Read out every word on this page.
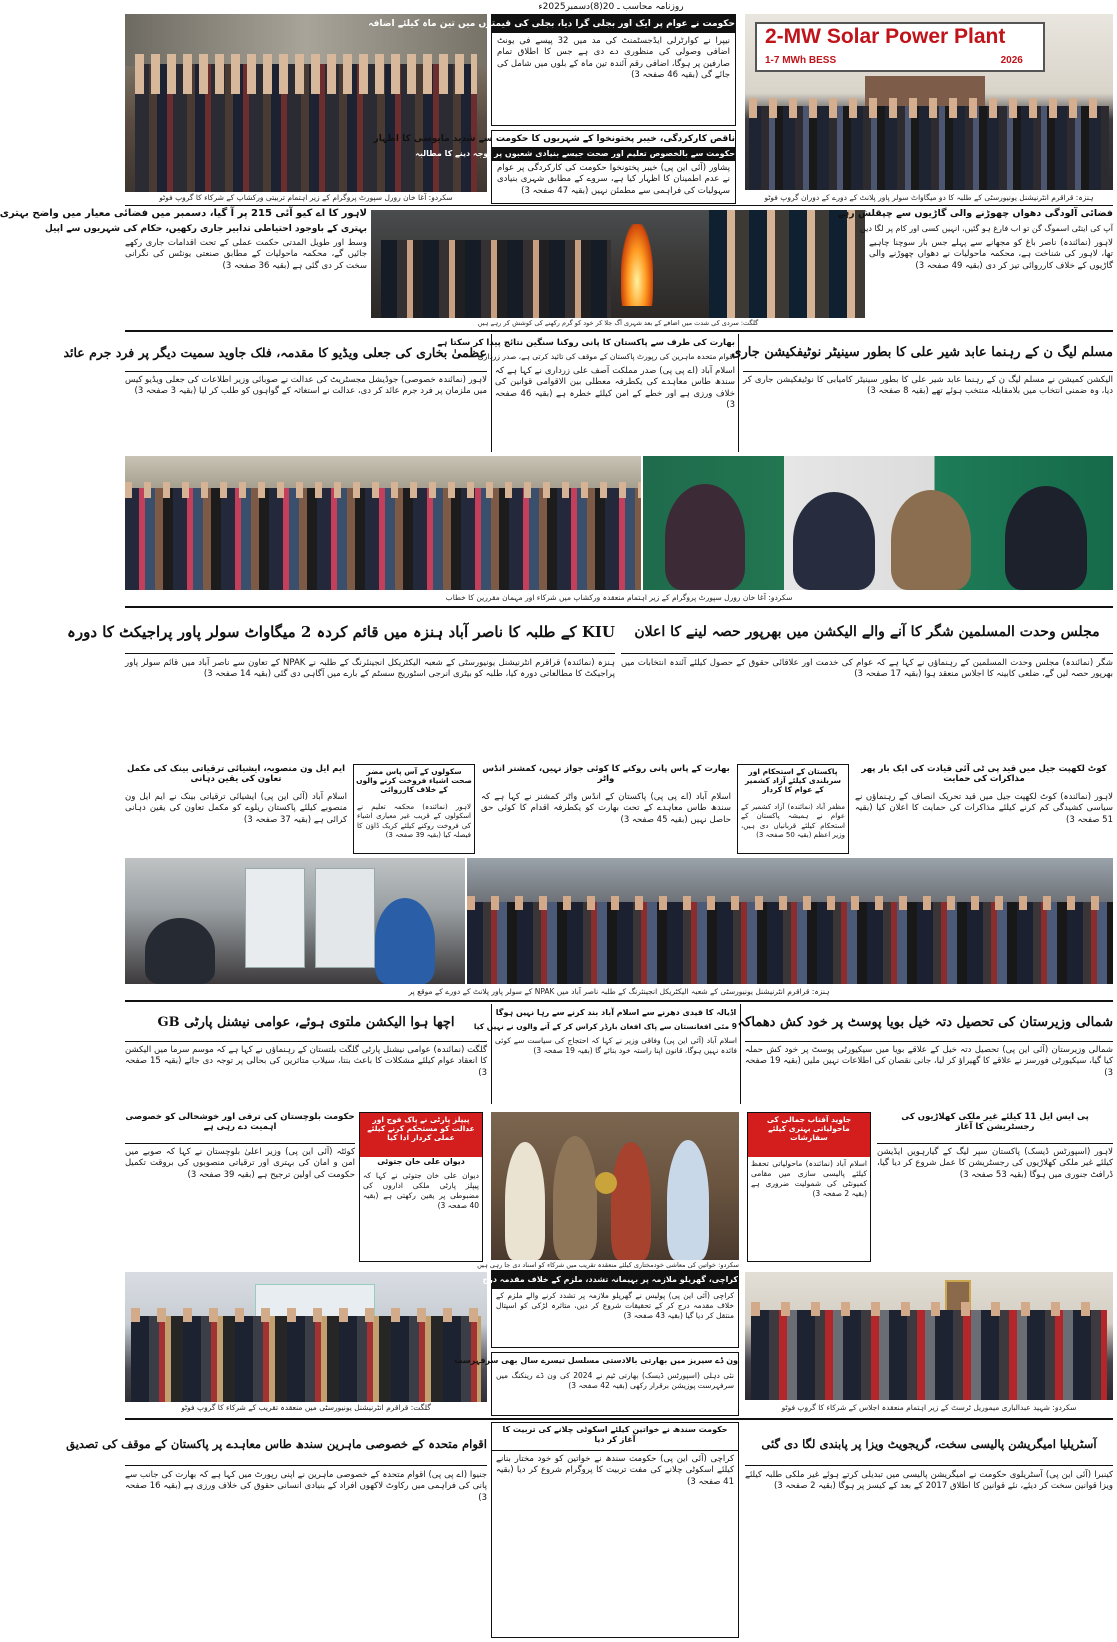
روزنامہ محاسب ـ 20(8)دسمبر2025ء
سکردو: آغا خان رورل سپورٹ پروگرام کے زیر اہتمام تربیتی ورکشاپ کے شرکاء کا گروپ فوٹو
حکومت نے عوام پر ایک اور بجلی گرا دیا، بجلی کی قیمتوں میں تین ماہ کیلئے اضافہ
نیپرا نے کوارٹرلی ایڈجسٹمنٹ کی مد میں 32 پیسے فی یونٹ اضافی وصولی کی منظوری دے دی ہے جس کا اطلاق تمام صارفین پر ہوگا، اضافی رقم آئندہ تین ماہ کے بلوں میں شامل کی جائے گی (بقیہ 46 صفحہ 3)
ناقص کارکردگی، خیبر پختونخوا کے شہریوں کا حکومت سے شدید مایوسی کا اظہار
حکومت سے بالخصوص تعلیم اور صحت جیسے بنیادی شعبوں پر توجہ دینے کا مطالبہ
پشاور (آئی این پی) خیبر پختونخوا حکومت کی کارکردگی پر عوام نے عدم اطمینان کا اظہار کیا ہے، سروے کے مطابق شہری بنیادی سہولیات کی فراہمی سے مطمئن نہیں (بقیہ 47 صفحہ 3)
2-MW Solar Power Plant
1-7 MWh BESS	2026
ہنزہ: قراقرم انٹرنیشنل یونیورسٹی کے طلبہ کا دو میگاواٹ سولر پاور پلانٹ کے دورے کے دوران گروپ فوٹو
لاہور کا اے کیو آئی 215 پر آ گیا، دسمبر میں فضائی معیار میں واضح بہتری
بہتری کے باوجود احتیاطی تدابیر جاری رکھیں، حکام کی شہریوں سے اپیل
وسط اور طویل المدتی حکمت عملی کے تحت اقدامات جاری رکھے جائیں گے، محکمہ ماحولیات کے مطابق صنعتی یونٹس کی نگرانی سخت کر دی گئی ہے (بقیہ 36 صفحہ 3)
گلگت: سردی کی شدت میں اضافے کے بعد شہری آگ جلا کر خود کو گرم رکھنے کی کوشش کر رہے ہیں
فضائی آلودگی دھواں چھوڑنے والی گاڑیوں سے چپقلش رہے
آپ کی اینٹی اسموگ گن تو اب فارغ ہو گئیں، انہیں کسی اور کام پر لگا دیں
لاہور (نمائندہ) ناصر باغ کو مجھانے سے پہلے جس بار سوچنا چاہیے تھا، لاہور کی شناخت ہے، محکمہ ماحولیات نے دھواں چھوڑنے والی گاڑیوں کے خلاف کارروائی تیز کر دی (بقیہ 49 صفحہ 3)
عظمیٰ بخاری کی جعلی ویڈیو کا مقدمہ، فلک جاوید سمیت دیگر پر فرد جرم عائد
لاہور (نمائندہ خصوصی) جوڈیشل مجسٹریٹ کی عدالت نے صوبائی وزیر اطلاعات کی جعلی ویڈیو کیس میں ملزمان پر فرد جرم عائد کر دی، عدالت نے استغاثہ کے گواہوں کو طلب کر لیا (بقیہ 3 صفحہ 3)
بھارت کی طرف سے پاکستان کا پانی روکنا سنگین نتائج پیدا کر سکتا ہے
اقوام متحدہ ماہرین کی رپورٹ پاکستان کے موقف کی تائید کرتی ہے، صدر زرداری
اسلام آباد (اے پی پی) صدر مملکت آصف علی زرداری نے کہا ہے کہ سندھ طاس معاہدے کی یکطرفہ معطلی بین الاقوامی قوانین کی خلاف ورزی ہے اور خطے کے امن کیلئے خطرہ ہے (بقیہ 46 صفحہ 3)
مسلم لیگ ن کے رہنما عابد شیر علی کا بطور سینیٹر نوٹیفکیشن جاری
الیکشن کمیشن نے مسلم لیگ ن کے رہنما عابد شیر علی کا بطور سینیٹر کامیابی کا نوٹیفکیشن جاری کر دیا، وہ ضمنی انتخاب میں بلامقابلہ منتخب ہوئے تھے (بقیہ 8 صفحہ 3)
سکردو: آغا خان رورل سپورٹ پروگرام کے زیر اہتمام منعقدہ ورکشاپ میں شرکاء اور مہمان مقررین کا خطاب
KIU کے طلبہ کا ناصر آباد ہنزہ میں قائم کردہ 2 میگاواٹ سولر پاور پراجیکٹ کا دورہ
ہنزہ (نمائندہ) قراقرم انٹرنیشنل یونیورسٹی کے شعبہ الیکٹریکل انجینئرنگ کے طلبہ نے NPAK کے تعاون سے ناصر آباد میں قائم سولر پاور پراجیکٹ کا مطالعاتی دورہ کیا، طلبہ کو بیٹری انرجی اسٹوریج سسٹم کے بارے میں آگاہی دی گئی (بقیہ 14 صفحہ 3)
مجلس وحدت المسلمین شگر کا آنے والے الیکشن میں بھرپور حصہ لینے کا اعلان
شگر (نمائندہ) مجلس وحدت المسلمین کے رہنماؤں نے کہا ہے کہ عوام کی خدمت اور علاقائی حقوق کے حصول کیلئے آئندہ انتخابات میں بھرپور حصہ لیں گے، ضلعی کابینہ کا اجلاس منعقد ہوا (بقیہ 17 صفحہ 3)
ایم ایل ون منصوبہ، ایشیائی ترقیاتی بینک کی مکمل تعاون کی یقین دہانی
اسلام آباد (آئی این پی) ایشیائی ترقیاتی بینک نے ایم ایل ون منصوبے کیلئے پاکستان ریلوے کو مکمل تعاون کی یقین دہانی کرائی ہے (بقیہ 37 صفحہ 3)
سکولوں کے آس پاس مضر صحت اشیاء فروخت کرنے والوں کے خلاف کارروائی
لاہور (نمائندہ) محکمہ تعلیم نے اسکولوں کے قریب غیر معیاری اشیاء کی فروخت روکنے کیلئے کریک ڈاؤن کا فیصلہ کیا (بقیہ 39 صفحہ 3)
بھارت کے پاس پانی روکنے کا کوئی جواز نہیں، کمشنر انڈس واٹر
اسلام آباد (اے پی پی) پاکستان کے انڈس واٹر کمشنر نے کہا ہے کہ سندھ طاس معاہدے کے تحت بھارت کو یکطرفہ اقدام کا کوئی حق حاصل نہیں (بقیہ 45 صفحہ 3)
پاکستان کے استحکام اور سربلندی کیلئے آزاد کشمیر کے عوام کا کردار
مظفر آباد (نمائندہ) آزاد کشمیر کے عوام نے ہمیشہ پاکستان کے استحکام کیلئے قربانیاں دی ہیں، وزیر اعظم (بقیہ 50 صفحہ 3)
کوٹ لکھپت جیل میں قید پی ٹی آئی قیادت کی ایک بار پھر مذاکرات کی حمایت
لاہور (نمائندہ) کوٹ لکھپت جیل میں قید تحریک انصاف کے رہنماؤں نے سیاسی کشیدگی کم کرنے کیلئے مذاکرات کی حمایت کا اعلان کیا (بقیہ 51 صفحہ 3)
ہنزہ: قراقرم انٹرنیشنل یونیورسٹی کے شعبہ الیکٹریکل انجینئرنگ کے طلبہ ناصر آباد میں NPAK کے سولر پاور پلانٹ کے دورے کے موقع پر
اچھا ہوا الیکشن ملتوی ہوئے، عوامی نیشنل پارٹی GB
گلگت (نمائندہ) عوامی نیشنل پارٹی گلگت بلتستان کے رہنماؤں نے کہا ہے کہ موسم سرما میں الیکشن کا انعقاد عوام کیلئے مشکلات کا باعث بنتا، سیلاب متاثرین کی بحالی پر توجہ دی جائے (بقیہ 15 صفحہ 3)
اڈیالہ کا قیدی دھرنے سے اسلام آباد بند کرنے سے رہا نہیں ہوگا
9 مئی افغانستان سے پاک افغان بارڈر کراس کر کے آنے والوں نے نہیں کیا
اسلام آباد (آئی این پی) وفاقی وزیر نے کہا کہ احتجاج کی سیاست سے کوئی فائدہ نہیں ہوگا، قانون اپنا راستہ خود بنائے گا (بقیہ 19 صفحہ 3)
شمالی وزیرستان کی تحصیل دتہ خیل بویا پوسٹ پر خود کش دھماکہ
شمالی وزیرستان (آئی این پی) تحصیل دتہ خیل کے علاقے بویا میں سیکیورٹی پوسٹ پر خود کش حملہ کیا گیا، سیکیورٹی فورسز نے علاقے کا گھیراؤ کر لیا، جانی نقصان کی اطلاعات نہیں ملیں (بقیہ 19 صفحہ 3)
حکومت بلوچستان کی ترقی اور خوشحالی کو خصوصی اہمیت دے رہی ہے
کوئٹہ (آئی این پی) وزیر اعلیٰ بلوچستان نے کہا کہ صوبے میں امن و امان کی بہتری اور ترقیاتی منصوبوں کی بروقت تکمیل حکومت کی اولین ترجیح ہے (بقیہ 39 صفحہ 3)
پیپلز پارٹی نے پاک فوج اور عدالت کو مستحکم کرنے کیلئے عملی کردار ادا کیا
دیوان علی خان جتوئی
دیوان علی خان جتوئی نے کہا کہ پیپلز پارٹی ملکی اداروں کی مضبوطی پر یقین رکھتی ہے (بقیہ 40 صفحہ 3)
سکردو: خواتین کی معاشی خودمختاری کیلئے منعقدہ تقریب میں شرکاء کو اسناد دی جا رہی ہیں
جاوید آفتاب جمالی کی ماحولیاتی بہتری کیلئے سفارشات
اسلام آباد (نمائندہ) ماحولیاتی تحفظ کیلئے پالیسی سازی میں مقامی کمیونٹی کی شمولیت ضروری ہے (بقیہ 2 صفحہ 3)
پی ایس ایل 11 کیلئے غیر ملکی کھلاڑیوں کی رجسٹریشن کا آغاز
لاہور (اسپورٹس ڈیسک) پاکستان سپر لیگ کے گیارہویں ایڈیشن کیلئے غیر ملکی کھلاڑیوں کی رجسٹریشن کا عمل شروع کر دیا گیا، ڈرافٹ جنوری میں ہوگا (بقیہ 53 صفحہ 3)
گلگت: قراقرم انٹرنیشنل یونیورسٹی میں منعقدہ تقریب کے شرکاء کا گروپ فوٹو
کراچی، گھریلو ملازمہ پر بہیمانہ تشدد، ملزم کے خلاف مقدمہ درج
کراچی (آئی این پی) پولیس نے گھریلو ملازمہ پر تشدد کرنے والے ملزم کے خلاف مقدمہ درج کر کے تحقیقات شروع کر دیں، متاثرہ لڑکی کو اسپتال منتقل کر دیا گیا (بقیہ 43 صفحہ 3)
ون ڈے سیریز میں بھارتی بالادستی مسلسل تیسرے سال بھی سرفہرست
نئی دہلی (اسپورٹس ڈیسک) بھارتی ٹیم نے 2024 کی ون ڈے رینکنگ میں سرفہرست پوزیشن برقرار رکھی (بقیہ 42 صفحہ 3)
سکردو: شہید عبدالباری میموریل ٹرسٹ کے زیر اہتمام منعقدہ اجلاس کے شرکاء کا گروپ فوٹو
اقوام متحدہ کے خصوصی ماہرین سندھ طاس معاہدے پر پاکستان کے موقف کی تصدیق
جنیوا (اے پی پی) اقوام متحدہ کے خصوصی ماہرین نے اپنی رپورٹ میں کہا ہے کہ بھارت کی جانب سے پانی کی فراہمی میں رکاوٹ لاکھوں افراد کے بنیادی انسانی حقوق کی خلاف ورزی ہے (بقیہ 16 صفحہ 3)
حکومت سندھ نے خواتین کیلئے اسکوٹی چلانے کی تربیت کا آغاز کر دیا
کراچی (آئی این پی) حکومت سندھ نے خواتین کو خود مختار بنانے کیلئے اسکوٹی چلانے کی مفت تربیت کا پروگرام شروع کر دیا (بقیہ 41 صفحہ 3)
آسٹریلیا امیگریشن پالیسی سخت، گریجویٹ ویزا پر پابندی لگا دی گئی
کینبرا (آئی این پی) آسٹریلوی حکومت نے امیگریشن پالیسی میں تبدیلی کرتے ہوئے غیر ملکی طلبہ کیلئے ویزا قوانین سخت کر دیئے، نئے قوانین کا اطلاق 2017 کے بعد کے کیسز پر ہوگا (بقیہ 2 صفحہ 3)
